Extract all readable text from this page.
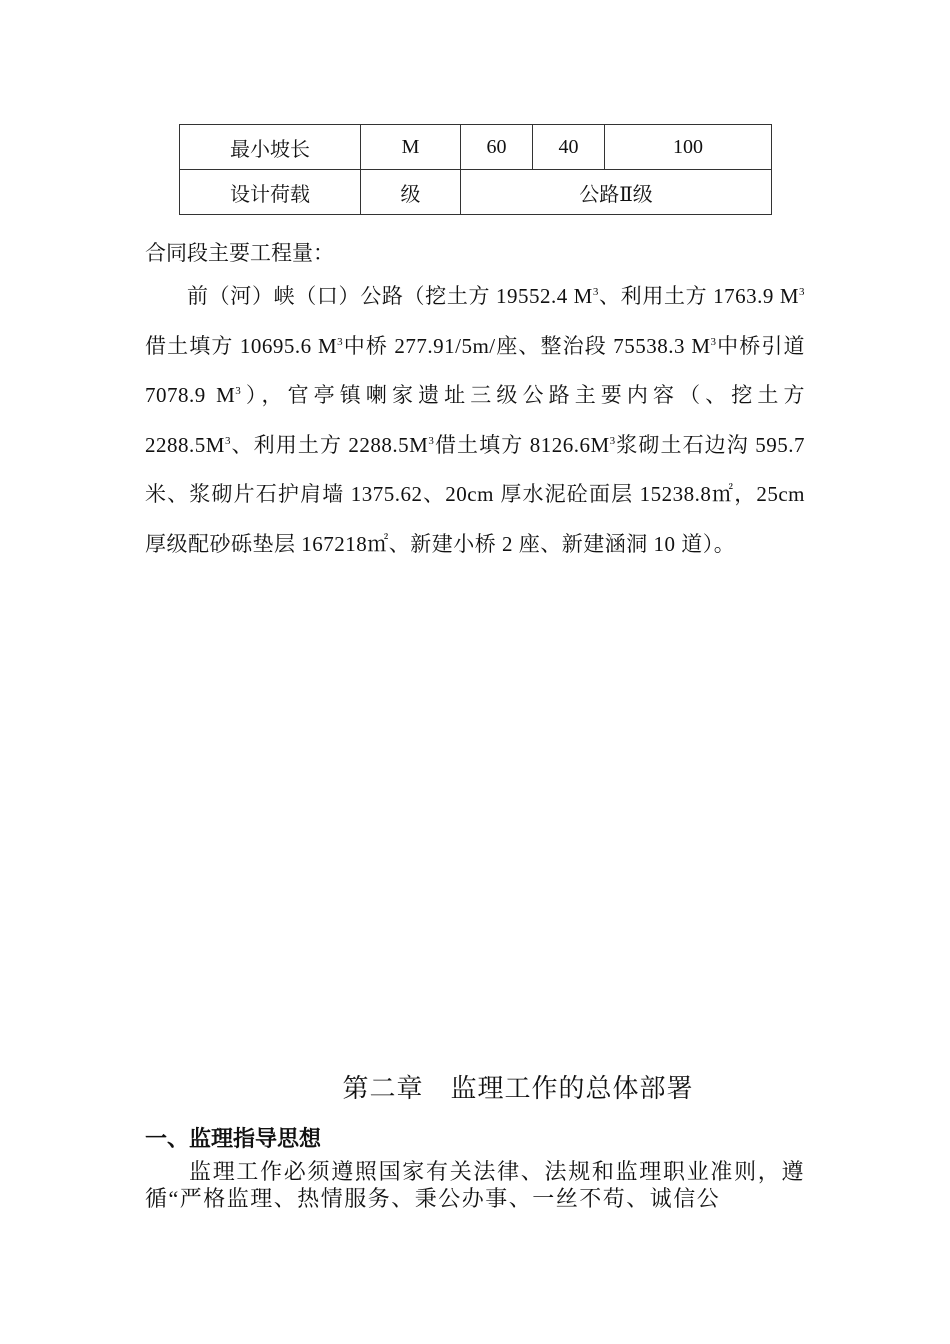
最小坡长	M	60	40	100
设计荷载	级	公路Ⅱ级		
合同段主要工程量：
前（河）峡（口）公路（挖土方 19552.4 $M^3$、利用土方 1763.9 $M^3$借土填方 10695.6 $M^3$中桥 277.91/5m/座、整治段 75538.3 $M^3$中桥引道 7078.9 $M^3$），官亭镇喇家遗址三级公路主要内容（、挖土方 $2288.5M^3$、利用土方 $2288.5M^3$借土填方 $8126.6M^3$浆砌土石边沟 595.7 米、浆砌片石护肩墙 1375.62、20cm 厚水泥砼面层 15238.8㎡，25cm 厚级配砂砾垫层 167218㎡、新建小桥 2 座、新建涵洞 10 道）。
第二章　监理工作的总体部署
一、监理指导思想
监理工作必须遵照国家有关法律、法规和监理职业准则，遵循“严格监理、热情服务、秉公办事、一丝不苟、诚信公
